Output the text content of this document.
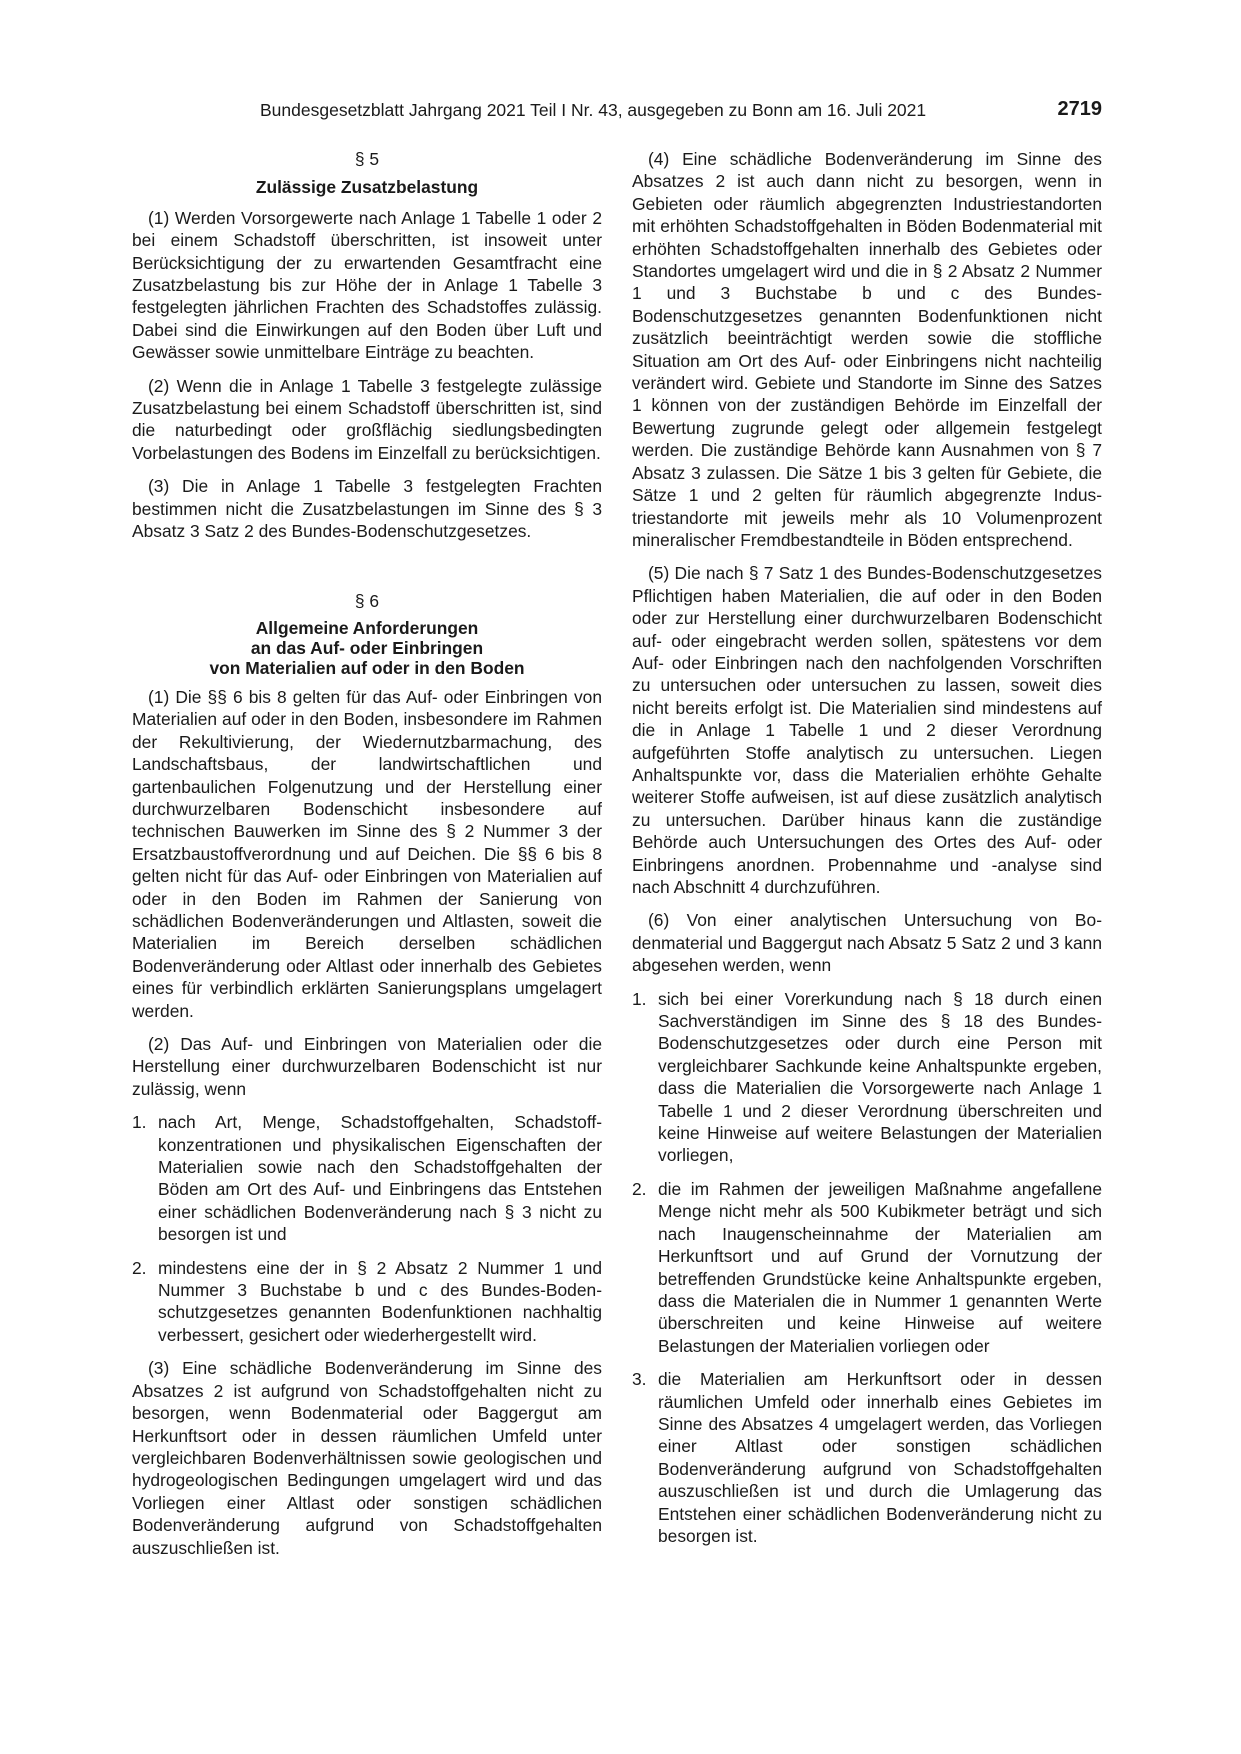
Bundesgesetzblatt Jahrgang 2021 Teil I Nr. 43, ausgegeben zu Bonn am 16. Juli 2021	2719
§ 5
Zulässige Zusatzbelastung

(1) Werden Vorsorgewerte nach Anlage 1 Tabelle 1 oder 2 bei einem Schadstoff überschritten, ist insoweit unter Berücksichtigung der zu erwartenden Gesamtfracht eine Zusatzbelastung bis zur Höhe der in Anlage 1 Tabelle 3 festgelegten jährlichen Frachten des Schadstoffes zulässig. Dabei sind die Einwirkungen auf den Boden über Luft und Gewässer sowie unmittelbare Einträge zu beachten.

(2) Wenn die in Anlage 1 Tabelle 3 festgelegte zulässige Zusatzbelastung bei einem Schadstoff überschritten ist, sind die naturbedingt oder großflächig siedlungsbedingten Vorbelastungen des Bodens im Einzelfall zu berücksichtigen.

(3) Die in Anlage 1 Tabelle 3 festgelegten Frachten bestimmen nicht die Zusatzbelastungen im Sinne des § 3 Absatz 3 Satz 2 des Bundes-Bodenschutzgesetzes.

§ 6
Allgemeine Anforderungen
an das Auf- oder Einbringen
von Materialien auf oder in den Boden

(1) Die §§ 6 bis 8 gelten für das Auf- oder Einbringen von Materialien auf oder in den Boden, insbesondere im Rahmen der Rekultivierung, der Wiedernutzbarmachung, des Landschaftsbaus, der landwirtschaftlichen und gartenbaulichen Folgenutzung und der Herstellung einer durchwurzelbaren Bodenschicht insbesondere auf technischen Bauwerken im Sinne des § 2 Nummer 3 der Ersatzbaustoffverordnung und auf Deichen. Die §§ 6 bis 8 gelten nicht für das Auf- oder Einbringen von Materialien auf oder in den Boden im Rahmen der Sanierung von schädlichen Bodenveränderungen und Altlasten, soweit die Materialien im Bereich derselben schädlichen Bodenveränderung oder Altlast oder innerhalb des Gebietes eines für verbindlich erklärten Sanierungsplans umgelagert werden.

(2) Das Auf- und Einbringen von Materialien oder die Herstellung einer durchwurzelbaren Bodenschicht ist nur zulässig, wenn

1. nach Art, Menge, Schadstoffgehalten, Schadstoffkonzentrationen und physikalischen Eigenschaften der Materialien sowie nach den Schadstoffgehalten der Böden am Ort des Auf- und Einbringens das Entstehen einer schädlichen Bodenveränderung nach § 3 nicht zu besorgen ist und
2. mindestens eine der in § 2 Absatz 2 Nummer 1 und Nummer 3 Buchstabe b und c des Bundes-Bodenschutzgesetzes genannten Bodenfunktionen nachhaltig verbessert, gesichert oder wiederhergestellt wird.

(3) Eine schädliche Bodenveränderung im Sinne des Absatzes 2 ist aufgrund von Schadstoffgehalten nicht zu besorgen, wenn Bodenmaterial oder Baggergut am Herkunftsort oder in dessen räumlichen Umfeld unter vergleichbaren Bodenverhältnissen sowie geologischen und hydrogeologischen Bedingungen umgelagert wird und das Vorliegen einer Altlast oder sonstigen schädlichen Bodenveränderung aufgrund von Schadstoffgehalten auszuschließen ist.

(4) Eine schädliche Bodenveränderung im Sinne des Absatzes 2 ist auch dann nicht zu besorgen, wenn in Gebieten oder räumlich abgegrenzten Industriestandorten mit erhöhten Schadstoffgehalten in Böden Bodenmaterial mit erhöhten Schadstoffgehalten innerhalb des Gebietes oder Standortes umgelagert wird und die in § 2 Absatz 2 Nummer 1 und 3 Buchstabe b und c des Bundes-Bodenschutzgesetzes genannten Bodenfunktionen nicht zusätzlich beeinträchtigt werden sowie die stoffliche Situation am Ort des Auf- oder Einbringens nicht nachteilig verändert wird. Gebiete und Standorte im Sinne des Satzes 1 können von der zuständigen Behörde im Einzelfall der Bewertung zugrunde gelegt oder allgemein festgelegt werden. Die zuständige Behörde kann Ausnahmen von § 7 Absatz 3 zulassen. Die Sätze 1 bis 3 gelten für Gebiete, die Sätze 1 und 2 gelten für räumlich abgegrenzte Industriestandorte mit jeweils mehr als 10 Volumenprozent mineralischer Fremdbestandteile in Böden entsprechend.

(5) Die nach § 7 Satz 1 des Bundes-Bodenschutzgesetzes Pflichtigen haben Materialien, die auf oder in den Boden oder zur Herstellung einer durchwurzelbaren Bodenschicht auf- oder eingebracht werden sollen, spätestens vor dem Auf- oder Einbringen nach den nachfolgenden Vorschriften zu untersuchen oder untersuchen zu lassen, soweit dies nicht bereits erfolgt ist. Die Materialien sind mindestens auf die in Anlage 1 Tabelle 1 und 2 dieser Verordnung aufgeführten Stoffe analytisch zu untersuchen. Liegen Anhaltspunkte vor, dass die Materialien erhöhte Gehalte weiterer Stoffe aufweisen, ist auf diese zusätzlich analytisch zu untersuchen. Darüber hinaus kann die zuständige Behörde auch Untersuchungen des Ortes des Auf- oder Einbringens anordnen. Probennahme und -analyse sind nach Abschnitt 4 durchzuführen.

(6) Von einer analytischen Untersuchung von Bodenmaterial und Baggergut nach Absatz 5 Satz 2 und 3 kann abgesehen werden, wenn

1. sich bei einer Vorerkundung nach § 18 durch einen Sachverständigen im Sinne des § 18 des Bundes-Bodenschutzgesetzes oder durch eine Person mit vergleichbarer Sachkunde keine Anhaltspunkte ergeben, dass die Materialien die Vorsorgewerte nach Anlage 1 Tabelle 1 und 2 dieser Verordnung überschreiten und keine Hinweise auf weitere Belastungen der Materialien vorliegen,
2. die im Rahmen der jeweiligen Maßnahme angefallene Menge nicht mehr als 500 Kubikmeter beträgt und sich nach Inaugenscheinnahme der Materialien am Herkunftsort und auf Grund der Vornutzung der betreffenden Grundstücke keine Anhaltspunkte ergeben, dass die Materialen die in Nummer 1 genannten Werte überschreiten und keine Hinweise auf weitere Belastungen der Materialien vorliegen oder
3. die Materialien am Herkunftsort oder in dessen räumlichen Umfeld oder innerhalb eines Gebietes im Sinne des Absatzes 4 umgelagert werden, das Vorliegen einer Altlast oder sonstigen schädlichen Bodenveränderung aufgrund von Schadstoffgehalten auszuschließen ist und durch die Umlagerung das Entstehen einer schädlichen Bodenveränderung nicht zu besorgen ist.
